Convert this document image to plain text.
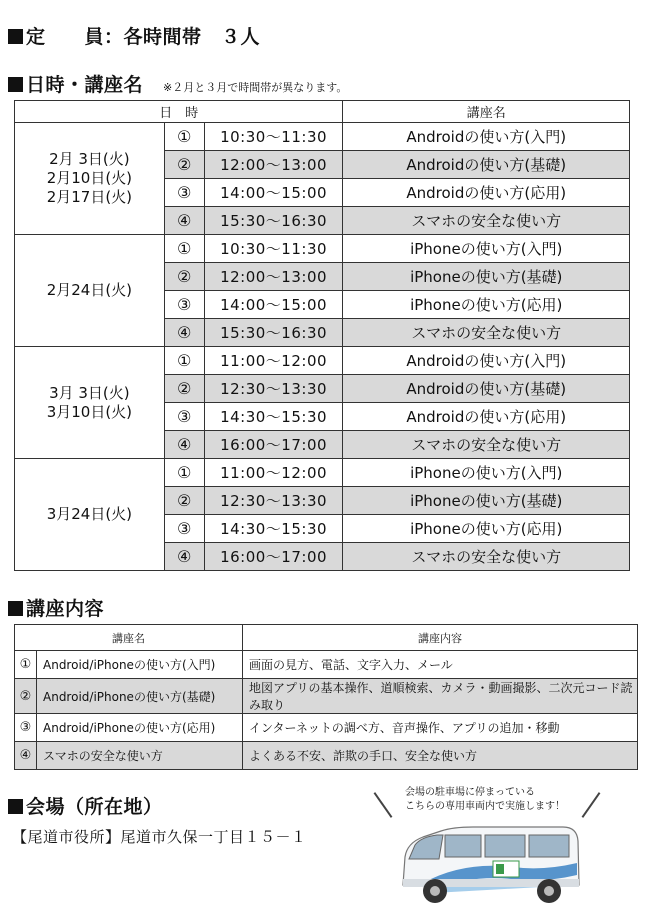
定　　員：各時間帯　３人
日時・講座名 ※２月と３月で時間帯が異なります。
日　時			講座名

2月 3日(火)
2月10日(火)
2月17日(火)	①	10:30～11:30	Androidの使い方(入門)
	②	12:00～13:00	Androidの使い方(基礎)
	③	14:00～15:00	Androidの使い方(応用)
	④	15:30～16:30	スマホの安全な使い方

2月24日(火)	①	10:30～11:30	iPhoneの使い方(入門)
	②	12:00～13:00	iPhoneの使い方(基礎)
	③	14:00～15:00	iPhoneの使い方(応用)
	④	15:30～16:30	スマホの安全な使い方

3月 3日(火)
3月10日(火)	①	11:00～12:00	Androidの使い方(入門)
	②	12:30～13:30	Androidの使い方(基礎)
	③	14:30～15:30	Androidの使い方(応用)
	④	16:00～17:00	スマホの安全な使い方

3月24日(火)	①	11:00～12:00	iPhoneの使い方(入門)
	②	12:30～13:30	iPhoneの使い方(基礎)
	③	14:30～15:30	iPhoneの使い方(応用)
	④	16:00～17:00	スマホの安全な使い方
講座内容
講座名		講座内容
①	Android/iPhoneの使い方(入門)	画面の見方、電話、文字入力、メール
②	Android/iPhoneの使い方(基礎)	地図アプリの基本操作、道順検索、カメラ・動画撮影、二次元コード読み取り
③	Android/iPhoneの使い方(応用)	インターネットの調べ方、音声操作、アプリの追加・移動
④	スマホの安全な使い方	よくある不安、詐欺の手口、安全な使い方
会場（所在地）
【尾道市役所】尾道市久保一丁目１５－１
会場の駐車場に停まっている
こちらの専用車両内で実施します！
